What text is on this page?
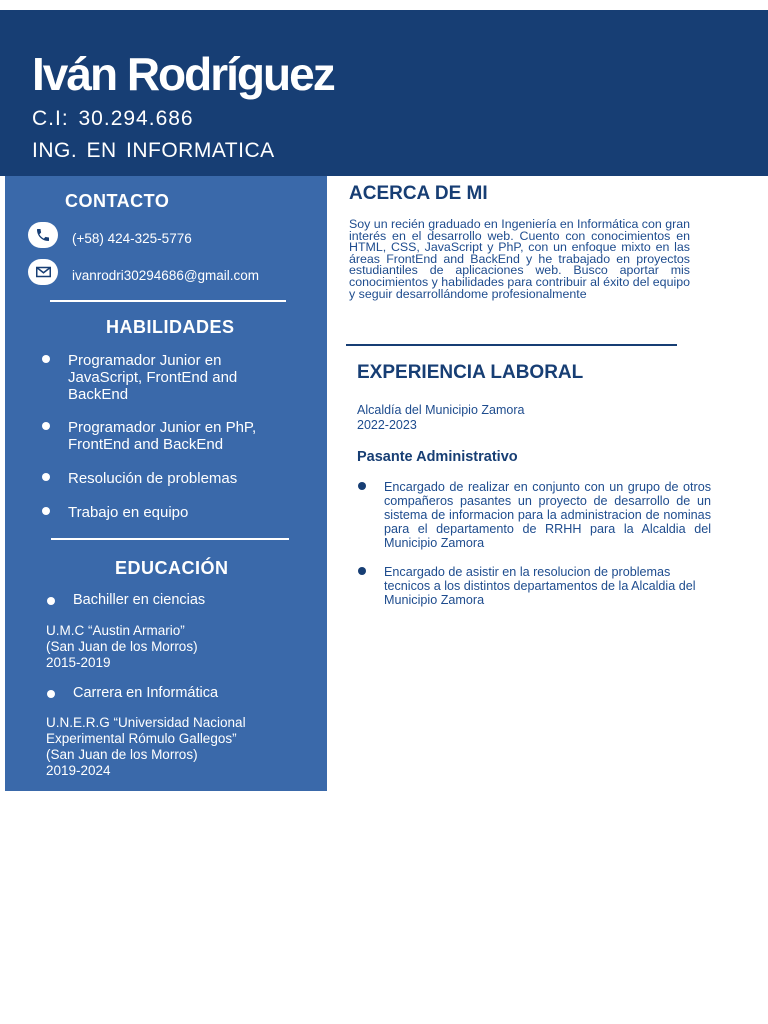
Iván Rodríguez
C.I: 30.294.686
ING. EN INFORMATICA
CONTACTO
(+58) 424-325-5776
ivanrodri30294686@gmail.com
HABILIDADES
Programador Junior en JavaScript, FrontEnd and BackEnd
Programador Junior en PhP, FrontEnd and BackEnd
Resolución de problemas
Trabajo en equipo
EDUCACIÓN
Bachiller en ciencias
U.M.C “Austin Armario”
(San Juan de los Morros)
2015-2019
Carrera en Informática
U.N.E.R.G “Universidad Nacional
Experimental Rómulo Gallegos”
(San Juan de los Morros)
2019-2024
ACERCA DE MI
Soy un recién graduado en Ingeniería en Informática con gran interés en el desarrollo web. Cuento con conocimientos en HTML, CSS, JavaScript y PhP, con un enfoque mixto en las áreas FrontEnd and BackEnd y he trabajado en proyectos estudiantiles de aplicaciones web. Busco aportar mis conocimientos y habilidades para contribuir al éxito del equipo y seguir desarrollándome profesionalmente
EXPERIENCIA LABORAL
Alcaldía del Municipio Zamora
2022-2023
Pasante Administrativo
Encargado de realizar en conjunto con un grupo de otros compañeros pasantes un proyecto de desarrollo de un sistema de informacion para la administracion de nominas para el departamento de RRHH para la Alcaldia del Municipio Zamora
Encargado de asistir en la resolucion de problemas tecnicos a los distintos departamentos de la Alcaldia del Municipio Zamora
